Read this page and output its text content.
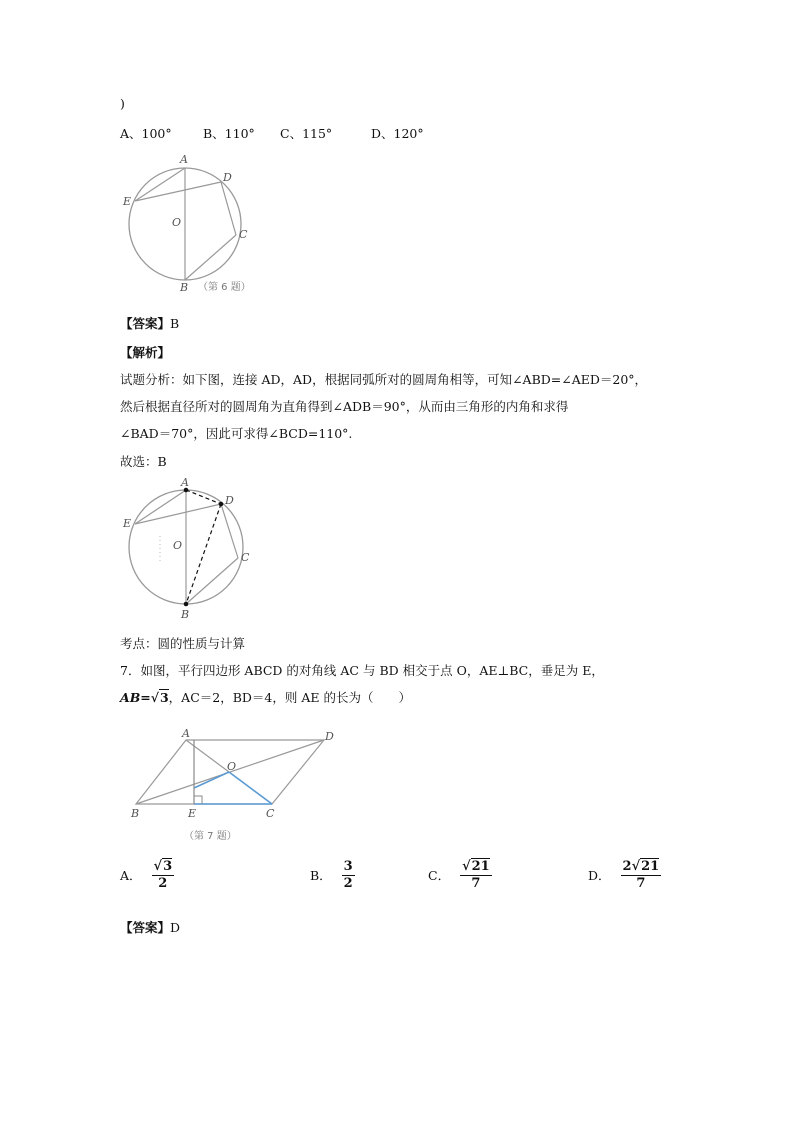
)
A、100°	B、110° C、115°	D、120°
A
D
E
O
C
B （第 6 题）
【答案】B
【解析】
试题分析：如下图，连接 AD，AD，根据同弧所对的圆周角相等，可知∠ABD=∠AED＝20°，
然后根据直径所对的圆周角为直角得到∠ADB＝90°，从而由三角形的内角和求得
∠BAD＝70°，因此可求得∠BCD=110°.
故选：B
A
D
E
O
C
B
考点：圆的性质与计算
7．如图，平行四边形 ABCD 的对角线 AC 与 BD 相交于点 O，AE⊥BC，垂足为 E，
AB=√3，AC＝2，BD＝4，则 AE 的长为（　　）
A	D
O
B	E	C
（第 7 题）
A． $\frac{√3}{2}$	B． $\frac{3}{2}$	C． $\frac{√21}{7}$	D． $\frac{2√21}{7}$
【答案】D
